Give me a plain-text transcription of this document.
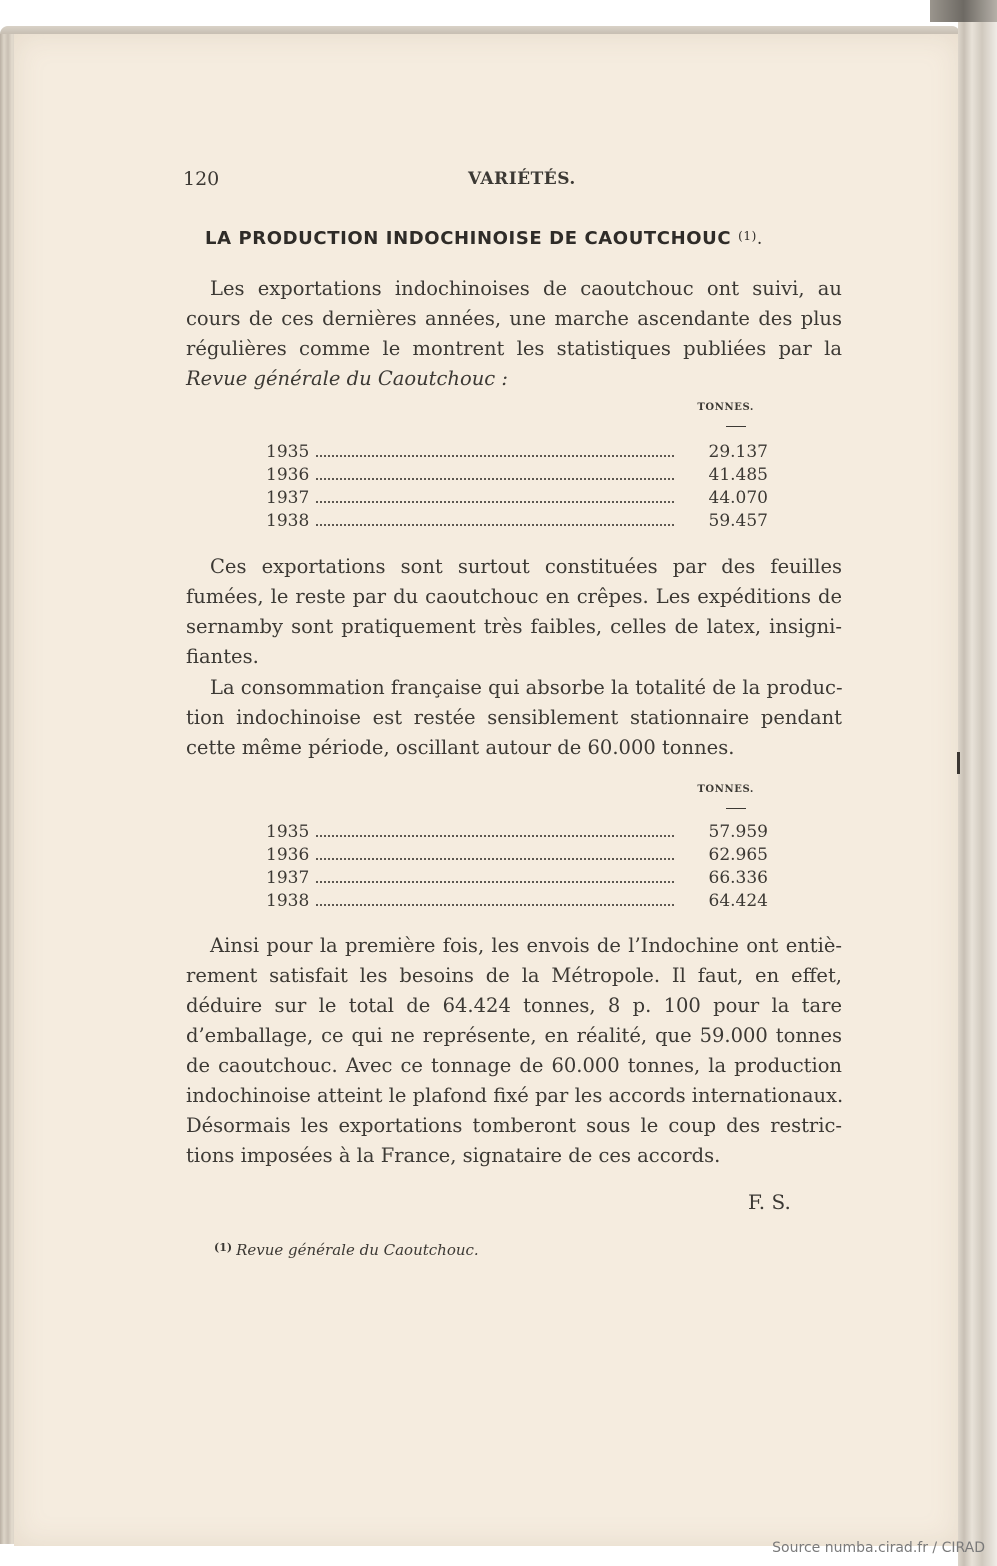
120	VARIÉTÉS.
LA PRODUCTION INDOCHINOISE DE CAOUTCHOUC $^{(1)}$.
Les exportations indochinoises de caoutchouc ont suivi, au
cours de ces dernières années, une marche ascendante des plus
régulières comme le montrent les statistiques publiées par la
Revue générale du Caoutchouc :
TONNES.
1935	29.137
1936	41.485
1937	44.070
1938	59.457
Ces exportations sont surtout constituées par des feuilles
fumées, le reste par du caoutchouc en crêpes. Les expéditions de
sernamby sont pratiquement très faibles, celles de latex, insigni-
fiantes.
La consommation française qui absorbe la totalité de la produc-
tion indochinoise est restée sensiblement stationnaire pendant
cette même période, oscillant autour de 60.000 tonnes.
TONNES.
1935	57.959
1936	62.965
1937	66.336
1938	64.424
Ainsi pour la première fois, les envois de l’Indochine ont entiè-
rement satisfait les besoins de la Métropole. Il faut, en effet,
déduire sur le total de 64.424 tonnes, 8 p. 100 pour la tare
d’emballage, ce qui ne représente, en réalité, que 59.000 tonnes
de caoutchouc. Avec ce tonnage de 60.000 tonnes, la production
indochinoise atteint le plafond fixé par les accords internationaux.
Désormais les exportations tomberont sous le coup des restric-
tions imposées à la France, signataire de ces accords.
F. S.
$^{(1)}$ Revue générale du Caoutchouc.
Source numba.cirad.fr / CIRAD
